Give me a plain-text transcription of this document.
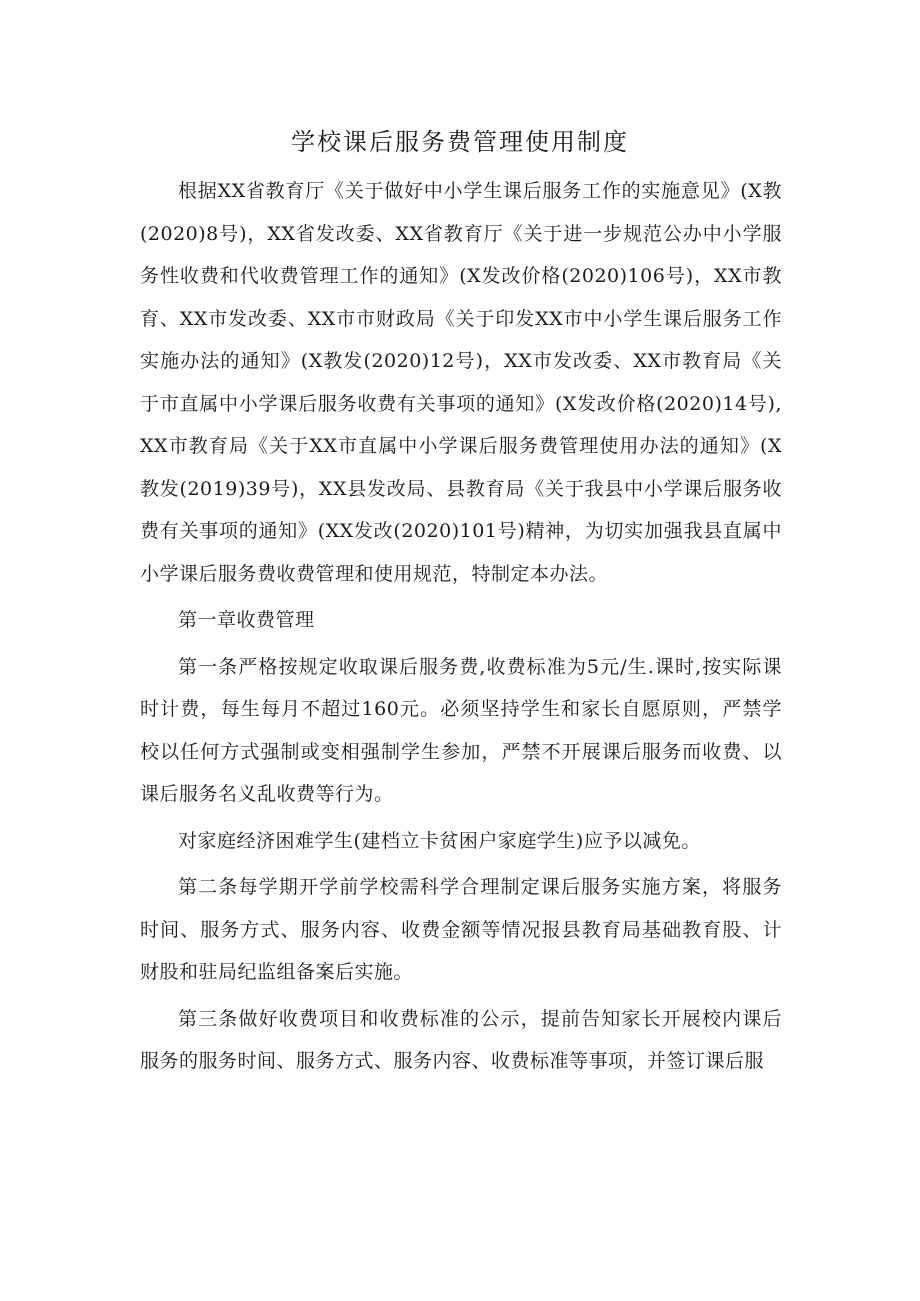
学校课后服务费管理使用制度

根据XX省教育厅《关于做好中小学生课后服务工作的实施意见》(X教(2020)8号)，XX省发改委、XX省教育厅《关于进一步规范公办中小学服务性收费和代收费管理工作的通知》(X发改价格(2020)106号)，XX市教育、XX市发改委、XX市市财政局《关于印发XX市中小学生课后服务工作实施办法的通知》(X教发(2020)12号)，XX市发改委、XX市教育局《关于市直属中小学课后服务收费有关事项的通知》(X发改价格(2020)14号),XX市教育局《关于XX市直属中小学课后服务费管理使用办法的通知》(X教发(2019)39号)，XX县发改局、县教育局《关于我县中小学课后服务收费有关事项的通知》(XX发改(2020)101号)精神，为切实加强我县直属中小学课后服务费收费管理和使用规范，特制定本办法。

第一章收费管理

第一条严格按规定收取课后服务费,收费标准为5元/生.课时,按实际课时计费，每生每月不超过160元。必须坚持学生和家长自愿原则，严禁学校以任何方式强制或变相强制学生参加，严禁不开展课后服务而收费、以课后服务名义乱收费等行为。

对家庭经济困难学生(建档立卡贫困户家庭学生)应予以减免。

第二条每学期开学前学校需科学合理制定课后服务实施方案，将服务时间、服务方式、服务内容、收费金额等情况报县教育局基础教育股、计财股和驻局纪监组备案后实施。

第三条做好收费项目和收费标准的公示，提前告知家长开展校内课后服务的服务时间、服务方式、服务内容、收费标准等事项，并签订课后服
